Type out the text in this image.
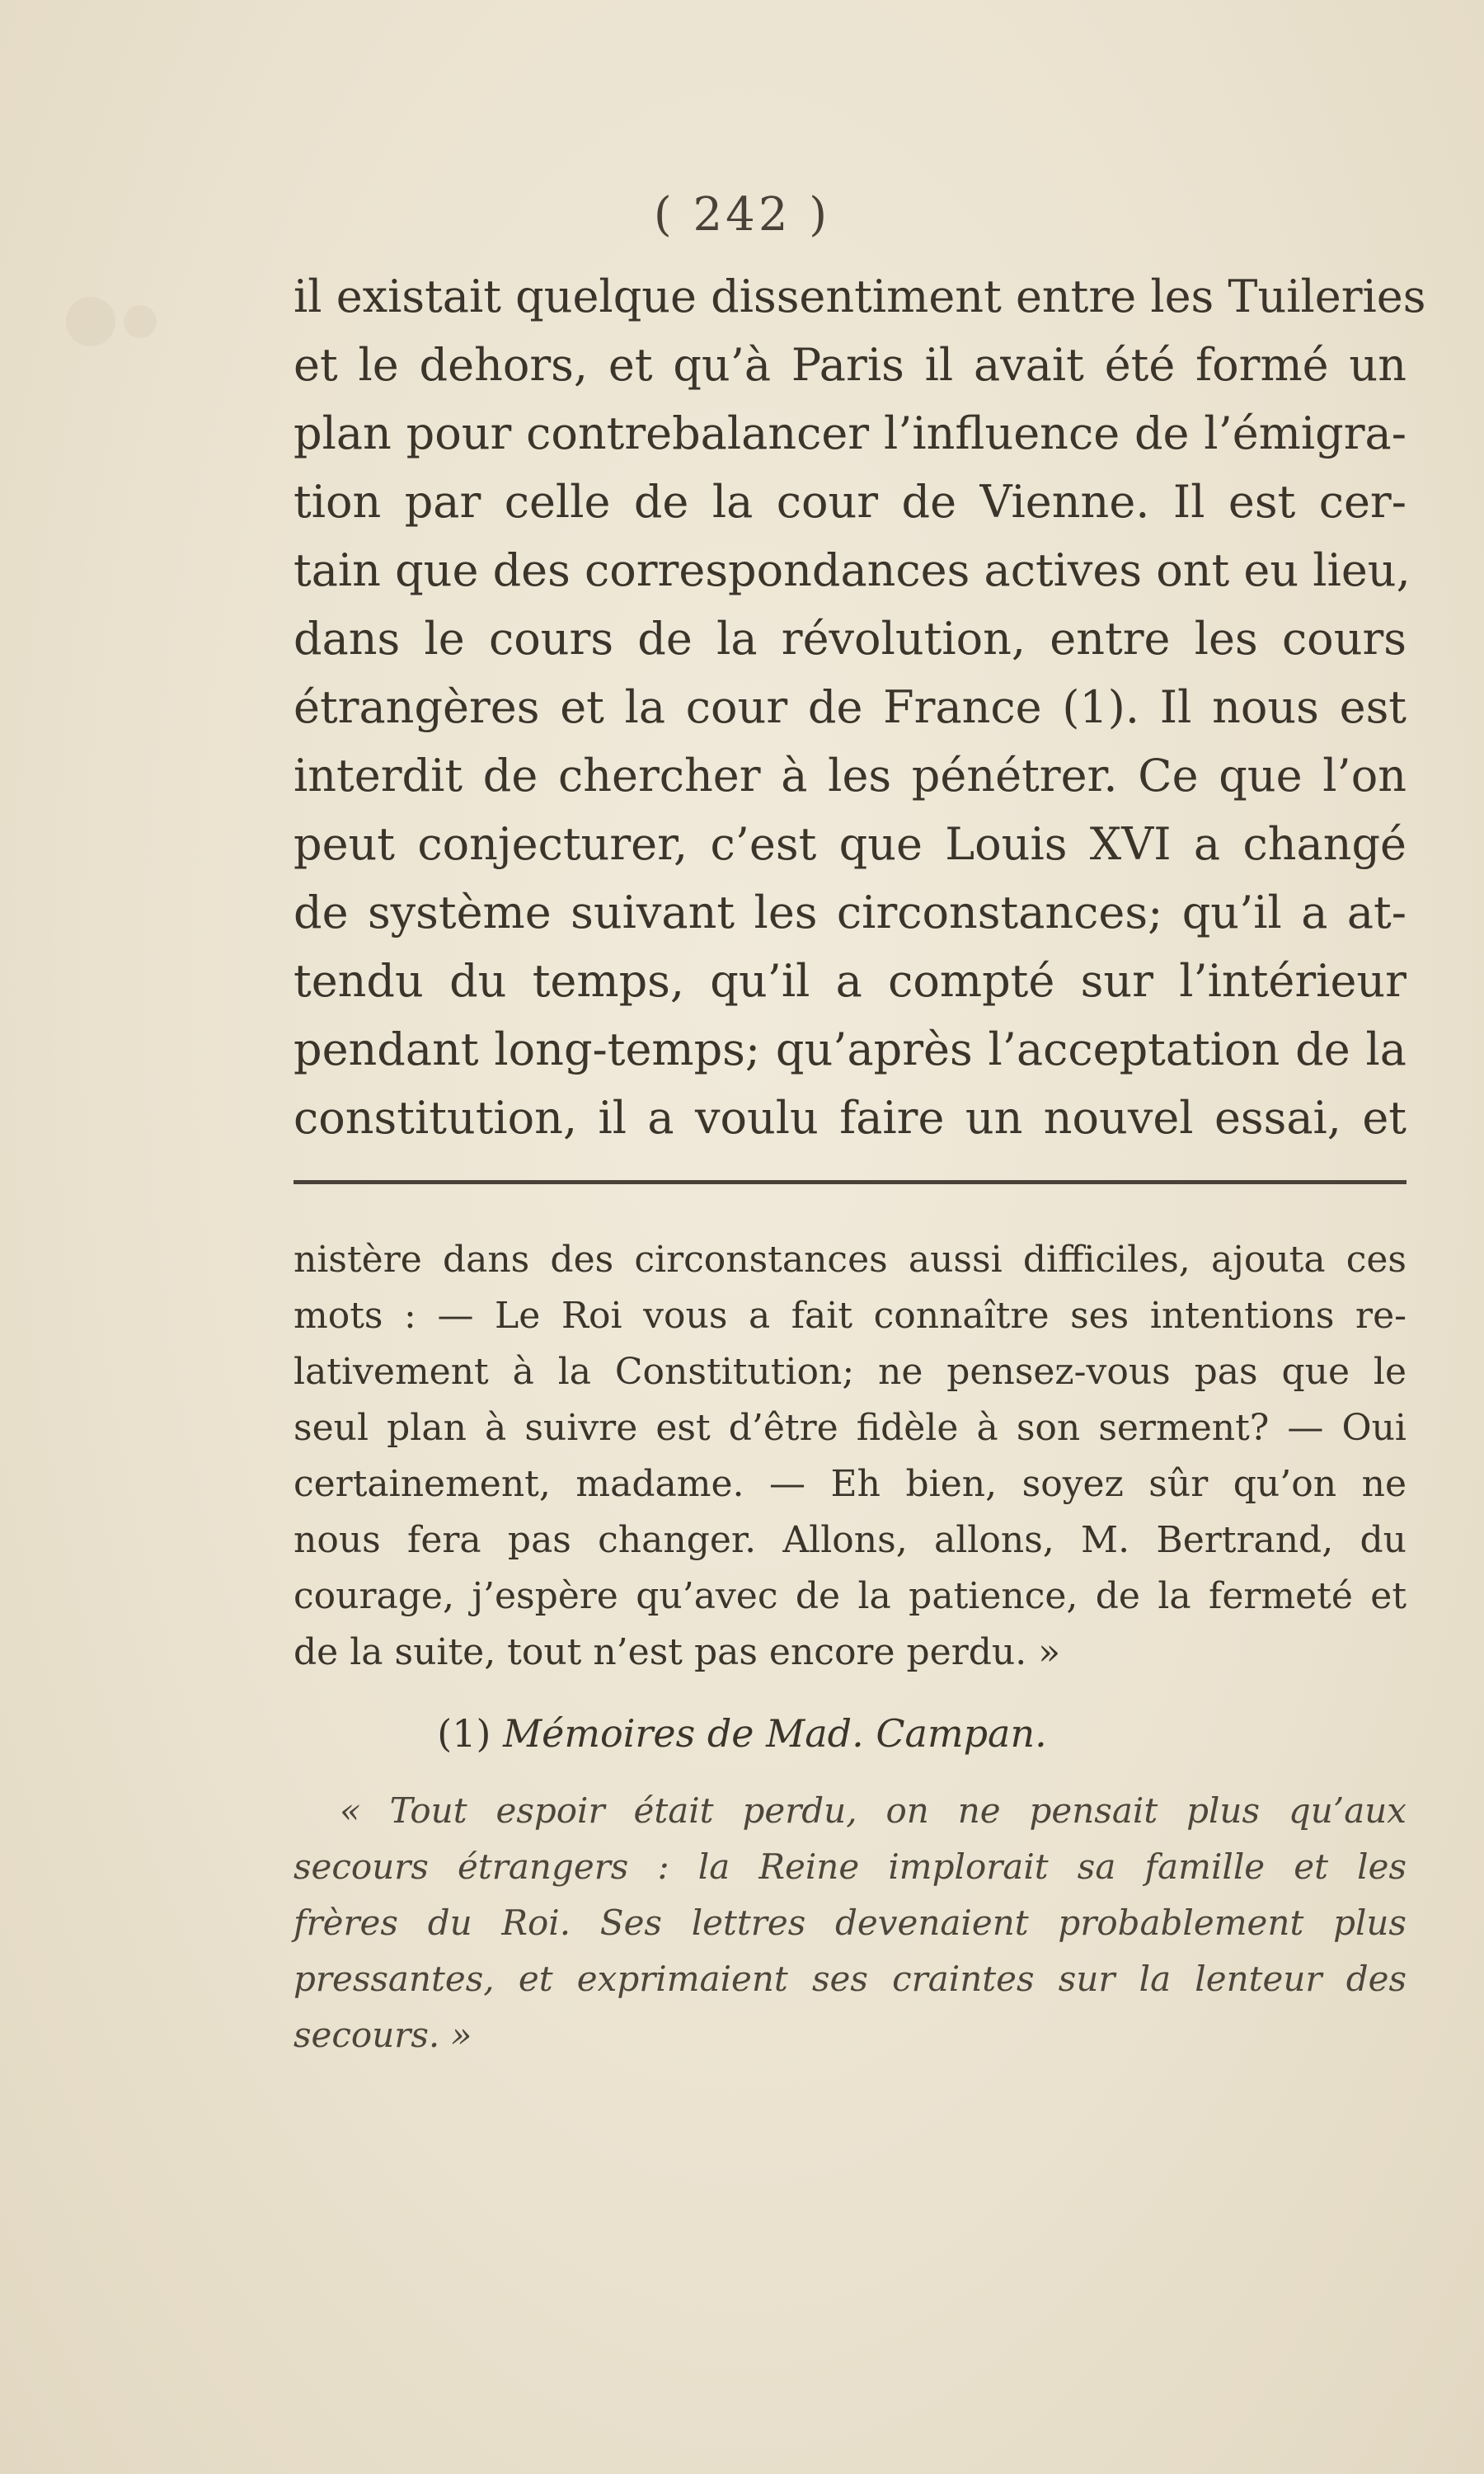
( 242 )
il existait quelque dissentiment entre les Tuileries
et le dehors, et qu’à Paris il avait été formé un
plan pour contrebalancer l’influence de l’émigra-
tion par celle de la cour de Vienne. Il est cer-
tain que des correspondances actives ont eu lieu,
dans le cours de la révolution, entre les cours
étrangères et la cour de France (1). Il nous est
interdit de chercher à les pénétrer. Ce que l’on
peut conjecturer, c’est que Louis XVI a changé
de système suivant les circonstances; qu’il a at-
tendu du temps, qu’il a compté sur l’intérieur
pendant long-temps; qu’après l’acceptation de la
constitution, il a voulu faire un nouvel essai, et
nistère dans des circonstances aussi difficiles, ajouta ces
mots : — Le Roi vous a fait connaître ses intentions re-
lativement à la Constitution; ne pensez-vous pas que le
seul plan à suivre est d’être fidèle à son serment? — Oui
certainement, madame. — Eh bien, soyez sûr qu’on ne
nous fera pas changer. Allons, allons, M. Bertrand, du
courage, j’espère qu’avec de la patience, de la fermeté et
de la suite, tout n’est pas encore perdu. »
(1) Mémoires de Mad. Campan.
« Tout espoir était perdu, on ne pensait plus qu’aux
secours étrangers : la Reine implorait sa famille et les
frères du Roi. Ses lettres devenaient probablement plus
pressantes, et exprimaient ses craintes sur la lenteur des
secours. »
